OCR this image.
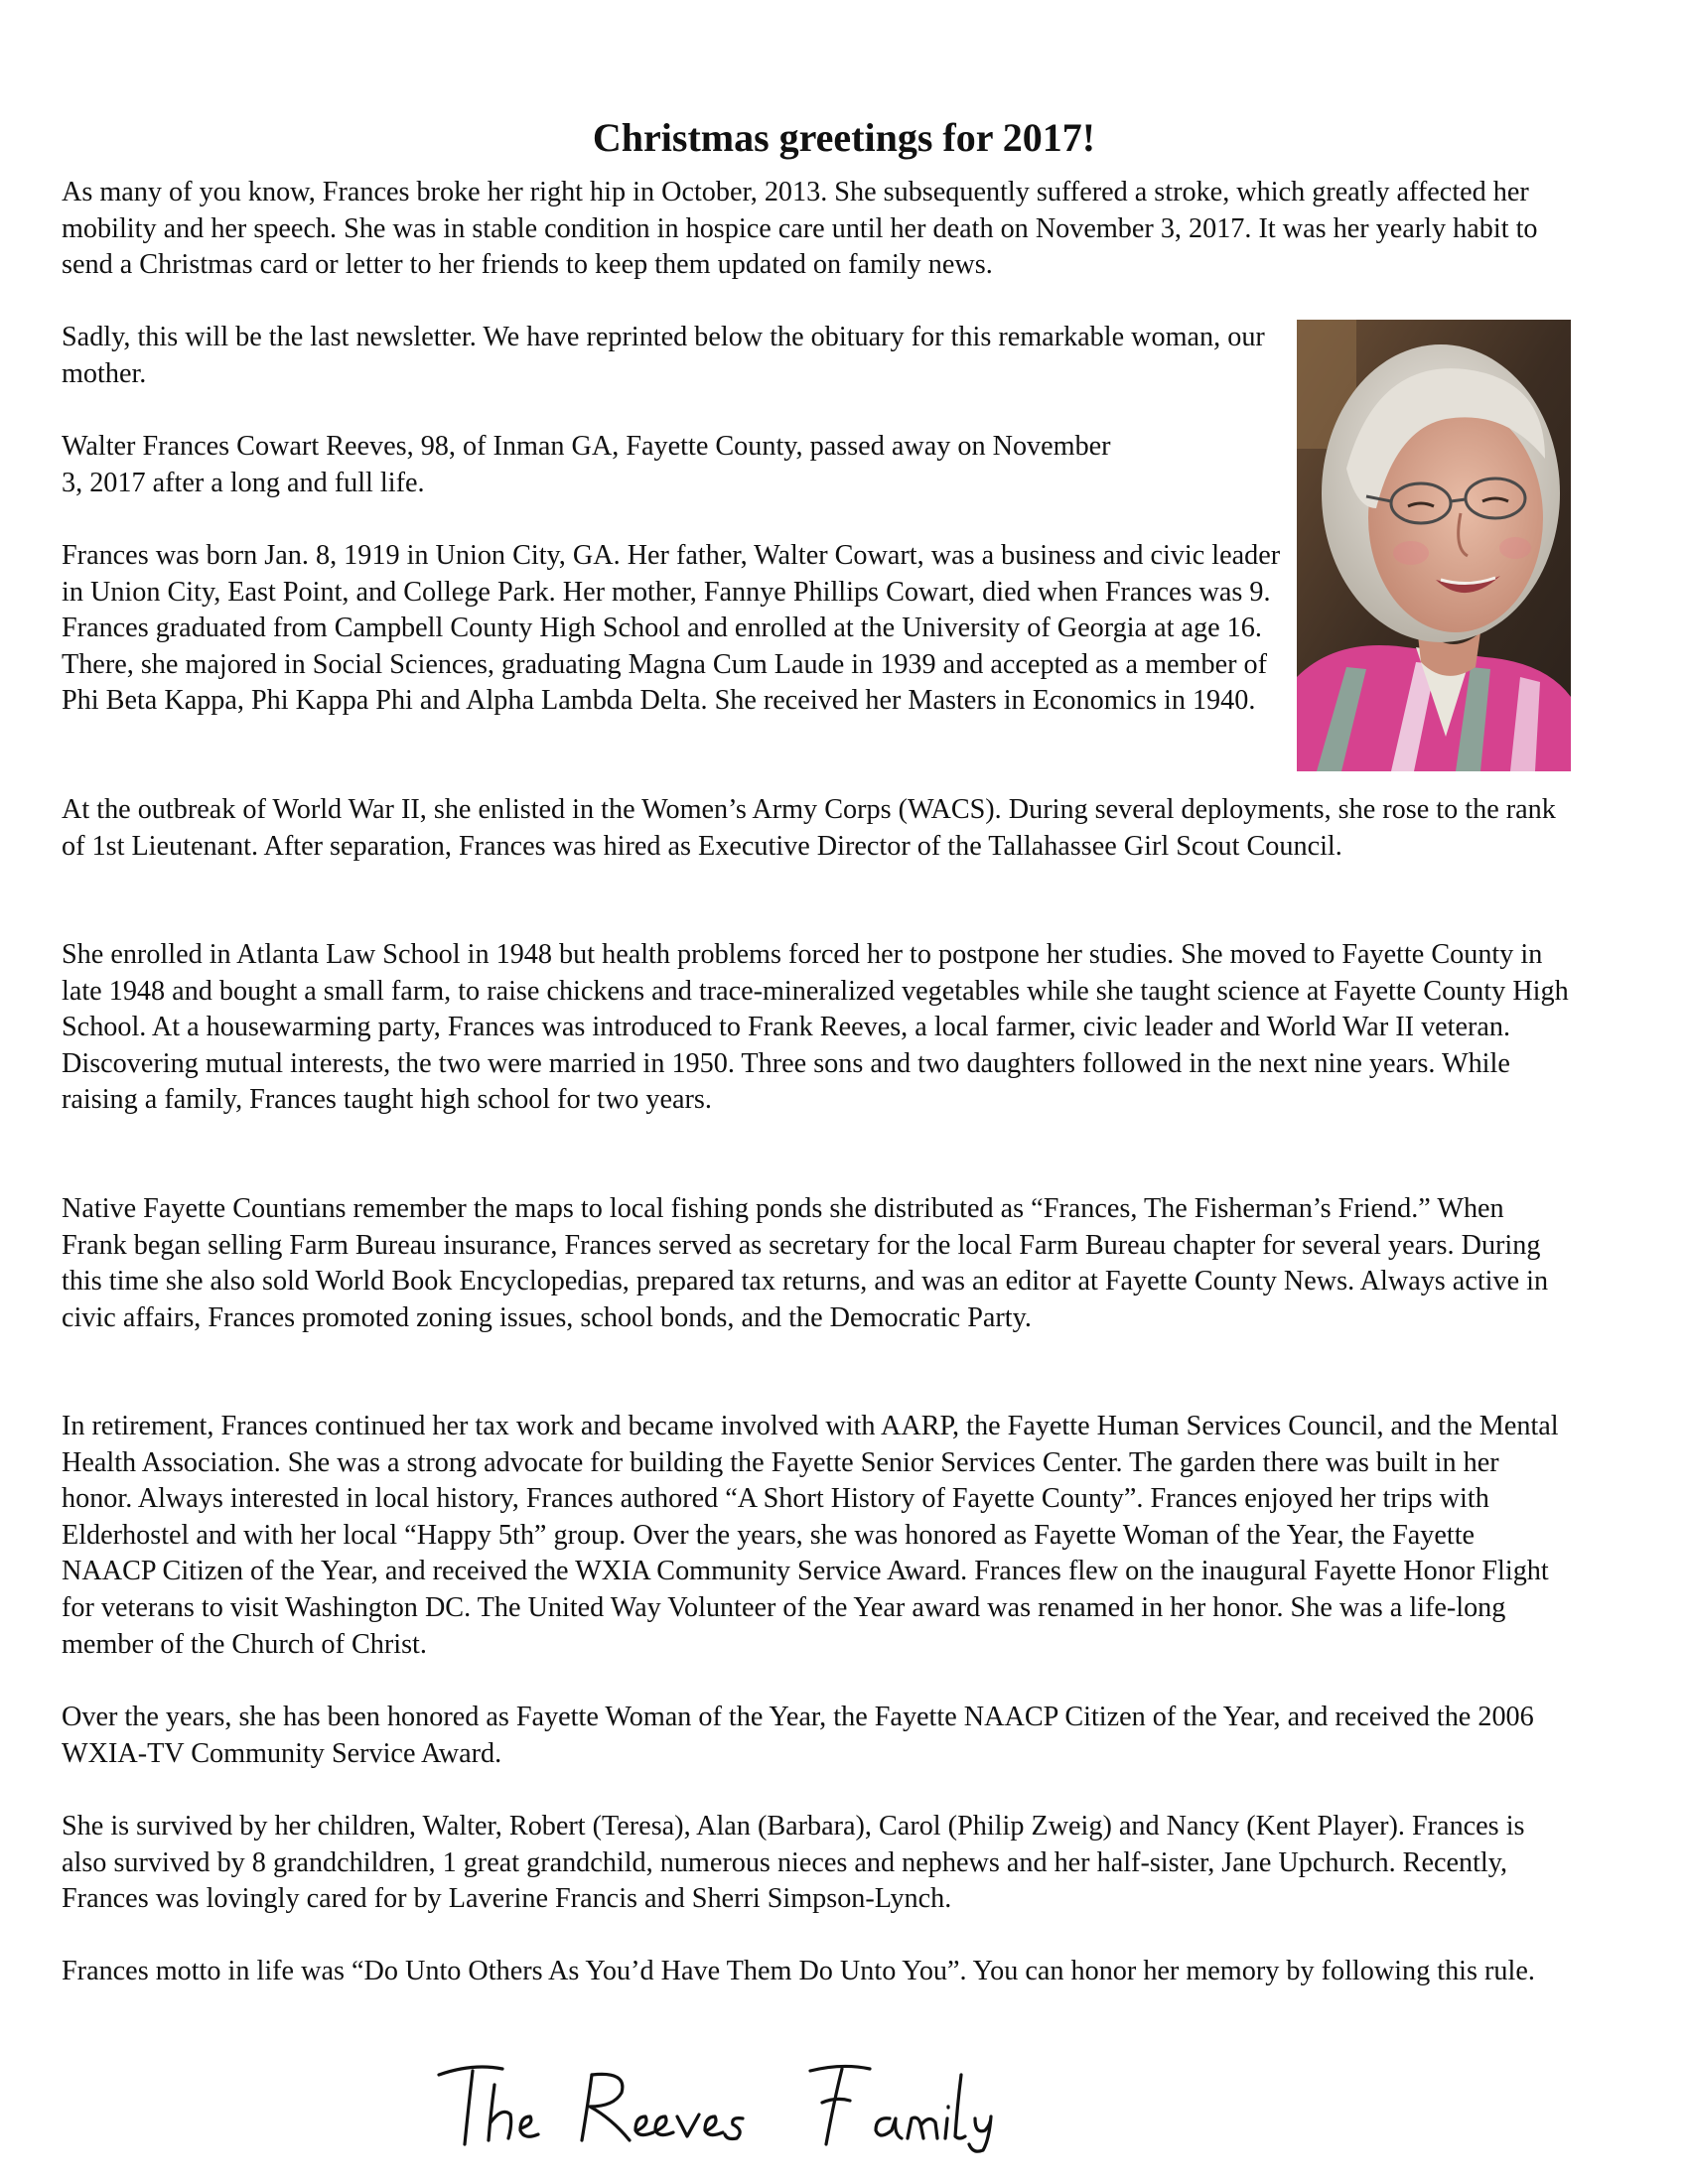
Christmas greetings for 2017!

As many of you know, Frances broke her right hip in October, 2013. She subsequently suffered a stroke, which greatly affected her mobility and her speech. She was in stable condition in hospice care until her death on November 3, 2017. It was her yearly habit to send a Christmas card or letter to her friends to keep them updated on family news.

Sadly, this will be the last newsletter. We have reprinted below the obituary for this remarkable woman, our mother.

Walter Frances Cowart Reeves, 98, of Inman GA, Fayette County, passed away on November 3, 2017 after a long and full life.

Frances was born Jan. 8, 1919 in Union City, GA. Her father, Walter Cowart, was a business and civic leader in Union City, East Point, and College Park. Her mother, Fannye Phillips Cowart, died when Frances was 9. Frances graduated from Campbell County High School and enrolled at the University of Georgia at age 16. There, she majored in Social Sciences, graduating Magna Cum Laude in 1939 and accepted as a member of Phi Beta Kappa, Phi Kappa Phi and Alpha Lambda Delta. She received her Masters in Economics in 1940.

At the outbreak of World War II, she enlisted in the Women’s Army Corps (WACS). During several deployments, she rose to the rank of 1st Lieutenant. After separation, Frances was hired as Executive Director of the Tallahassee Girl Scout Council.

She enrolled in Atlanta Law School in 1948 but health problems forced her to postpone her studies. She moved to Fayette County in late 1948 and bought a small farm, to raise chickens and trace-mineralized vegetables while she taught science at Fayette County High School. At a housewarming party, Frances was introduced to Frank Reeves, a local farmer, civic leader and World War II veteran. Discovering mutual interests, the two were married in 1950. Three sons and two daughters followed in the next nine years. While raising a family, Frances taught high school for two years.

Native Fayette Countians remember the maps to local fishing ponds she distributed as “Frances, The Fisherman’s Friend.” When Frank began selling Farm Bureau insurance, Frances served as secretary for the local Farm Bureau chapter for several years. During this time she also sold World Book Encyclopedias, prepared tax returns, and was an editor at Fayette County News. Always active in civic affairs, Frances promoted zoning issues, school bonds, and the Democratic Party.

In retirement, Frances continued her tax work and became involved with AARP, the Fayette Human Services Council, and the Mental Health Association. She was a strong advocate for building the Fayette Senior Services Center. The garden there was built in her honor. Always interested in local history, Frances authored “A Short History of Fayette County”. Frances enjoyed her trips with Elderhostel and with her local “Happy 5th” group. Over the years, she was honored as Fayette Woman of the Year, the Fayette NAACP Citizen of the Year, and received the WXIA Community Service Award. Frances flew on the inaugural Fayette Honor Flight for veterans to visit Washington DC. The United Way Volunteer of the Year award was renamed in her honor. She was a life-long member of the Church of Christ.

Over the years, she has been honored as Fayette Woman of the Year, the Fayette NAACP Citizen of the Year, and received the 2006 WXIA-TV Community Service Award.

She is survived by her children, Walter, Robert (Teresa), Alan (Barbara), Carol (Philip Zweig) and Nancy (Kent Player). Frances is also survived by 8 grandchildren, 1 great grandchild, numerous nieces and nephews and her half-sister, Jane Upchurch. Recently, Frances was lovingly cared for by Laverine Francis and Sherri Simpson-Lynch.

Frances motto in life was “Do Unto Others As You’d Have Them Do Unto You”. You can honor her memory by following this rule.
